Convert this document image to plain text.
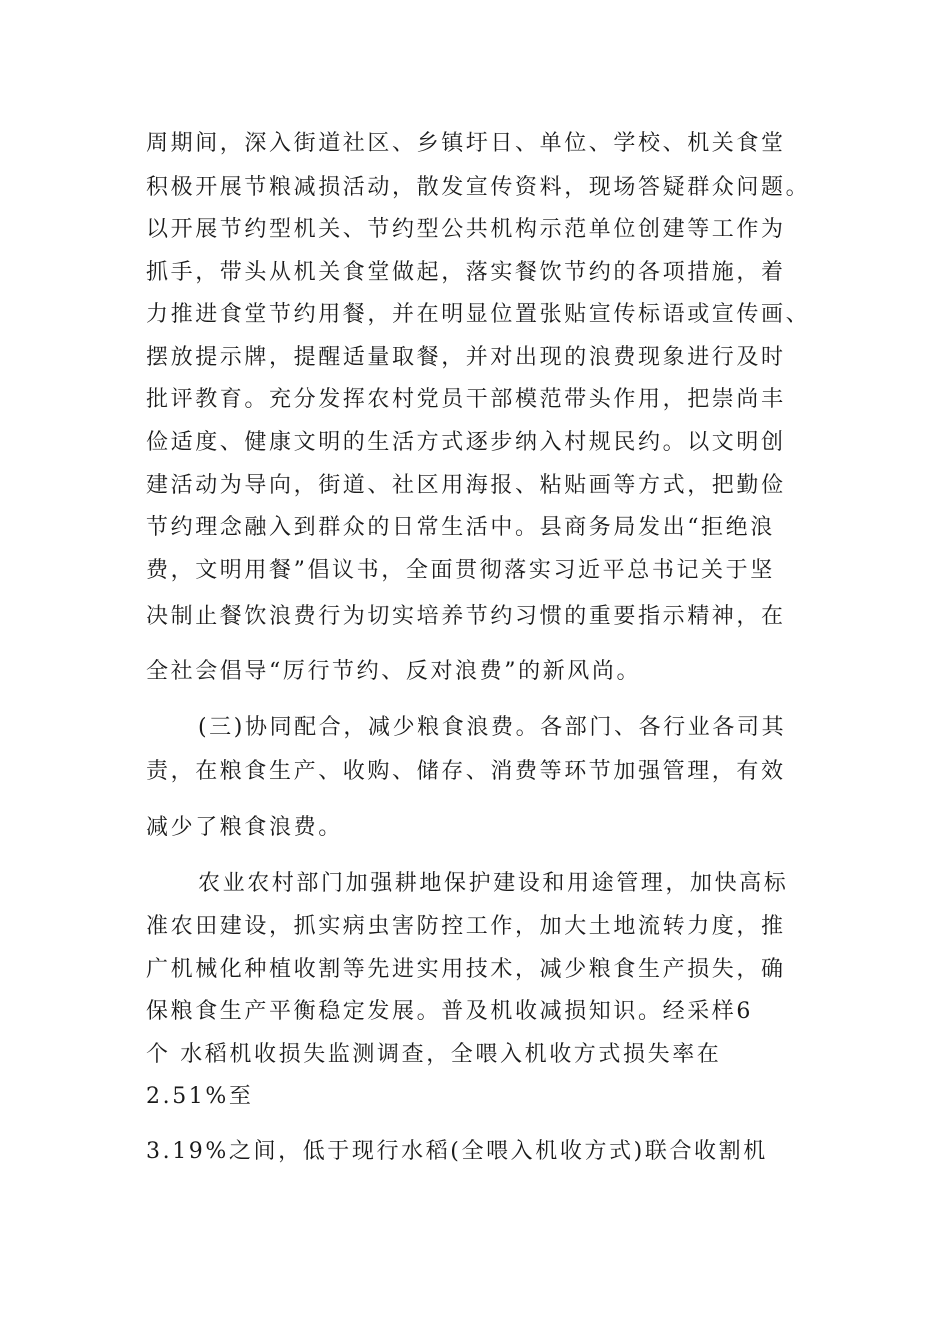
周期间，深入街道社区、乡镇圩日、单位、学校、机关食堂

积极开展节粮减损活动，散发宣传资料，现场答疑群众问题。

以开展节约型机关、节约型公共机构示范单位创建等工作为

抓手，带头从机关食堂做起，落实餐饮节约的各项措施，着

力推进食堂节约用餐，并在明显位置张贴宣传标语或宣传画、

摆放提示牌，提醒适量取餐，并对出现的浪费现象进行及时

批评教育。充分发挥农村党员干部模范带头作用，把崇尚丰

俭适度、健康文明的生活方式逐步纳入村规民约。以文明创

建活动为导向，街道、社区用海报、粘贴画等方式，把勤俭

节约理念融入到群众的日常生活中。县商务局发出“拒绝浪

费，文明用餐”倡议书，全面贯彻落实习近平总书记关于坚

决制止餐饮浪费行为切实培养节约习惯的重要指示精神，在

全社会倡导“厉行节约、反对浪费”的新风尚。

(三)协同配合，减少粮食浪费。各部门、各行业各司其

责，在粮食生产、收购、储存、消费等环节加强管理，有效

减少了粮食浪费。

农业农村部门加强耕地保护建设和用途管理，加快高标

准农田建设，抓实病虫害防控工作，加大土地流转力度，推

广机械化种植收割等先进实用技术，减少粮食生产损失，确

保粮食生产平衡稳定发展。普及机收减损知识。经采样6

个 水稻机收损失监测调查，全喂入机收方式损失率在

2.51%至

3.19%之间，低于现行水稻(全喂入机收方式)联合收割机
